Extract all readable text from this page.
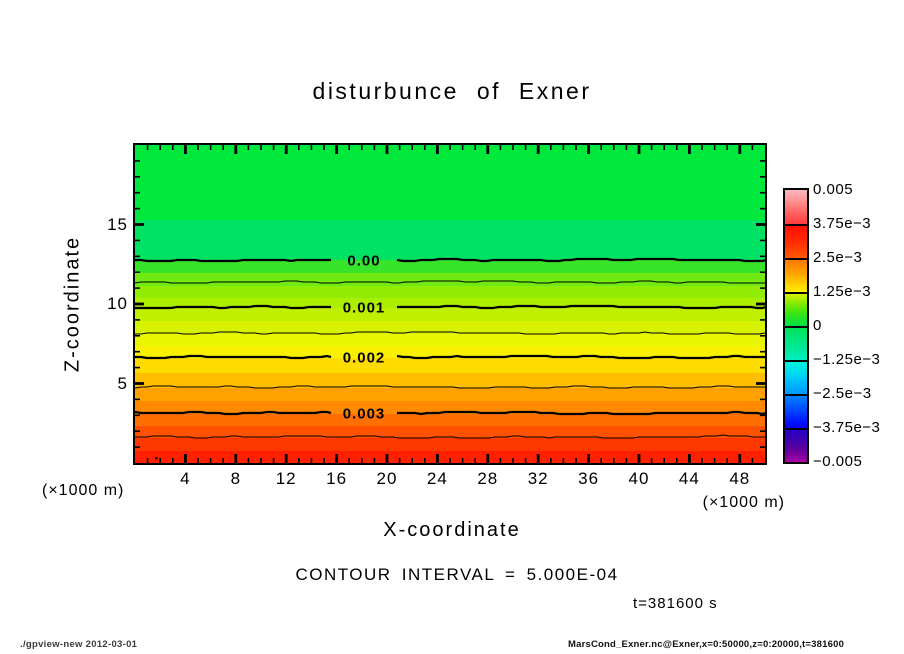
disturbunce of Exner
0.00
0.001
0.002
0.003
4	8	12	16	20	24	28	32	36	40	44	48
5
10
15
(×1000 m)
(×1000 m)
X-coordinate
Z-coordinate
0.005
3.75e−3
2.5e−3
1.25e−3
0
−1.25e−3
−2.5e−3
−3.75e−3
−0.005
CONTOUR INTERVAL = 5.000E-04
t=381600 s
./gpview-new 2012-03-01	MarsCond_Exner.nc@Exner,x=0:50000,z=0:20000,t=381600
